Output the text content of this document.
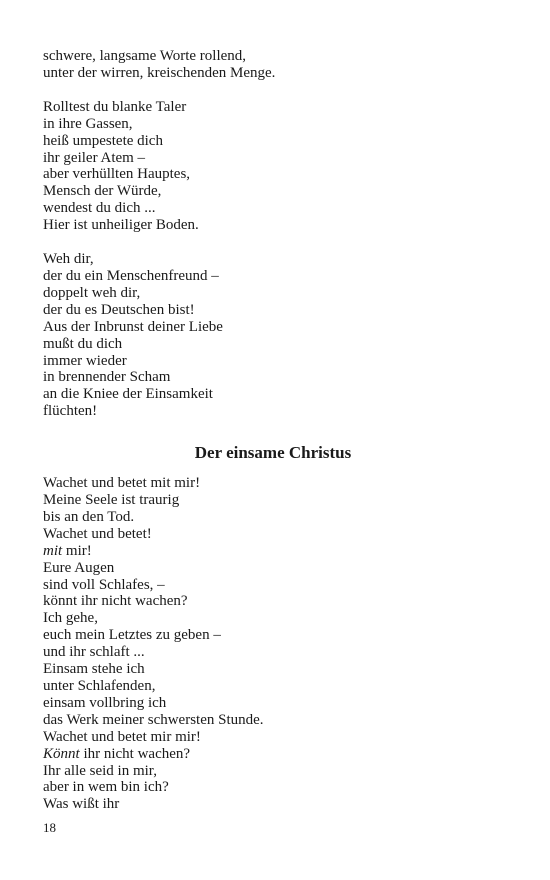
schwere, langsame Worte rollend,
unter der wirren, kreischenden Menge.
Rolltest du blanke Taler
in ihre Gassen,
heiß umpestete dich
ihr geiler Atem –
aber verhüllten Hauptes,
Mensch der Würde,
wendest du dich ...
Hier ist unheiliger Boden.
Weh dir,
der du ein Menschenfreund –
doppelt weh dir,
der du es Deutschen bist!
Aus der Inbrunst deiner Liebe
mußt du dich
immer wieder
in brennender Scham
an die Kniee der Einsamkeit
flüchten!
Der einsame Christus
Wachet und betet mit mir!
Meine Seele ist traurig
bis an den Tod.
Wachet und betet!
mit mir!
Eure Augen
sind voll Schlafes, –
könnt ihr nicht wachen?
Ich gehe,
euch mein Letztes zu geben –
und ihr schlaft ...
Einsam stehe ich
unter Schlafenden,
einsam vollbring ich
das Werk meiner schwersten Stunde.
Wachet und betet mir mir!
Könnt ihr nicht wachen?
Ihr alle seid in mir,
aber in wem bin ich?
Was wißt ihr
18
